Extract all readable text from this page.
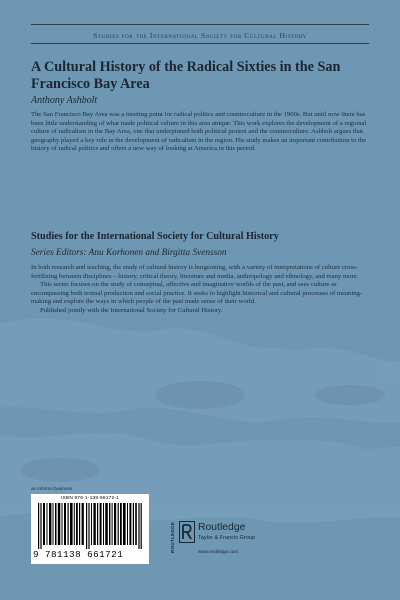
Studies for the International Society for Cultural History
A Cultural History of the Radical Sixties in the San Francisco Bay Area
Anthony Ashbolt

The San Francisco Bay Area was a meeting point for radical politics and counterculture in the 1960s. But until now there has been little understanding of what made political culture in this area unique. This work explores the development of a regional culture of radicalism in the Bay Area, one that underpinned both political protest and the counterculture. Ashbolt argues that geography played a key role in the development of radicalism in the region. His study makes an important contribution to the history of radical politics and offers a new way of looking at America in this period.

Studies for the International Society for Cultural History
Series Editors: Anu Korhonen and Birgitta Svensson

In both research and teaching, the study of cultural history is burgeoning, with a variety of interpretations of culture cross-fertilizing between disciplines – history, critical theory, literature and media, anthropology and ethnology, and many more.

This series focuses on the study of conceptual, affective and imaginative worlds of the past, and sees culture as encompassing both textual production and social practice. It seeks to highlight historical and cultural processes of meaning-making and explore the ways in which people of the past made sense of their world.

Published jointly with the International Society for Cultural History.

an informa business
ISBN 978-1-138-66172-1
9 781138 661721
ROUTLEDGE Routledge
Taylor & Francis Group
www.routledge.com
